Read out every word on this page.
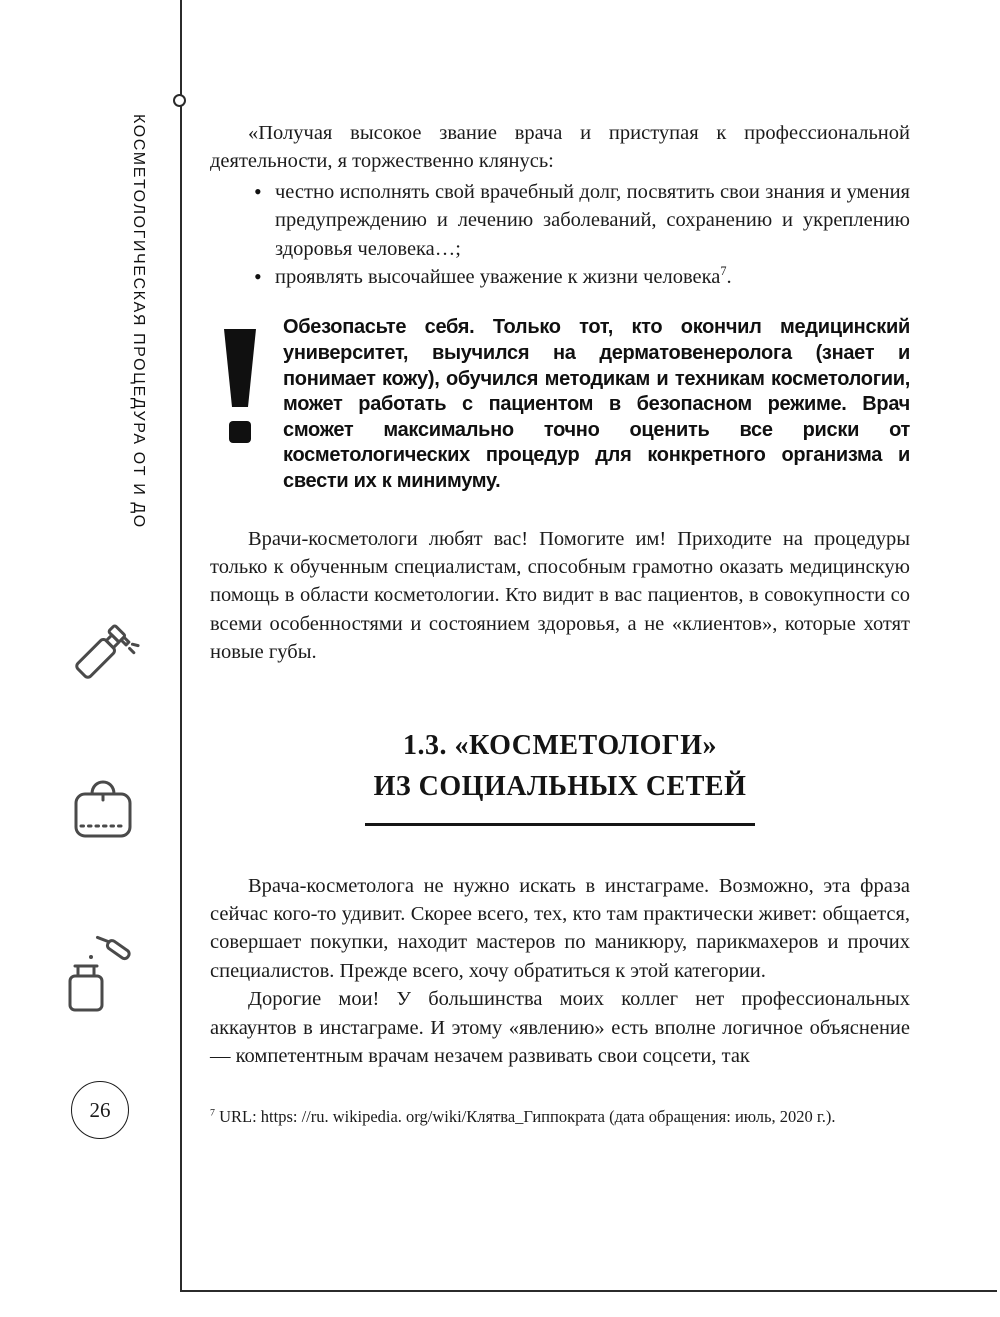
КОСМЕТОЛОГИЧЕСКАЯ ПРОЦЕДУРА ОТ И ДО
26

«Получая высокое звание врача и приступая к профессиональной деятельности, я торжественно клянусь:

• честно исполнять свой врачебный долг, посвятить свои знания и умения предупреждению и лечению заболеваний, сохранению и укреплению здоровья человека…;
• проявлять высочайшее уважение к жизни человека$^7$.
Обезопасьте себя. Только тот, кто окончил медицинский университет, выучился на дерматовенеролога (знает и понимает кожу), обучился методикам и техникам косметологии, может работать с пациентом в безопасном режиме. Врач сможет максимально точно оценить все риски от косметологических процедур для конкретного организма и свести их к минимуму.

Врачи-косметологи любят вас! Помогите им! Приходите на процедуры только к обученным специалистам, способным грамотно оказать медицинскую помощь в области косметологии. Кто видит в вас пациентов, в совокупности со всеми особенностями и состоянием здоровья, а не «клиентов», которые хотят новые губы.

1.3. «КОСМЕТОЛОГИ»
ИЗ СОЦИАЛЬНЫХ СЕТЕЙ

Врача-косметолога не нужно искать в инстаграме. Возможно, эта фраза сейчас кого-то удивит. Скорее всего, тех, кто там практически живет: общается, совершает покупки, находит мастеров по маникюру, парикмахеров и прочих специалистов. Прежде всего, хочу обратиться к этой категории.

Дорогие мои! У большинства моих коллег нет профессиональных аккаунтов в инстаграме. И этому «явлению» есть вполне логичное объяснение — компетентным врачам незачем развивать свои соцсети, так

$^7$ URL: https: //ru. wikipedia. org/wiki/Клятва_Гиппократа (дата обращения: июль, 2020 г.).
